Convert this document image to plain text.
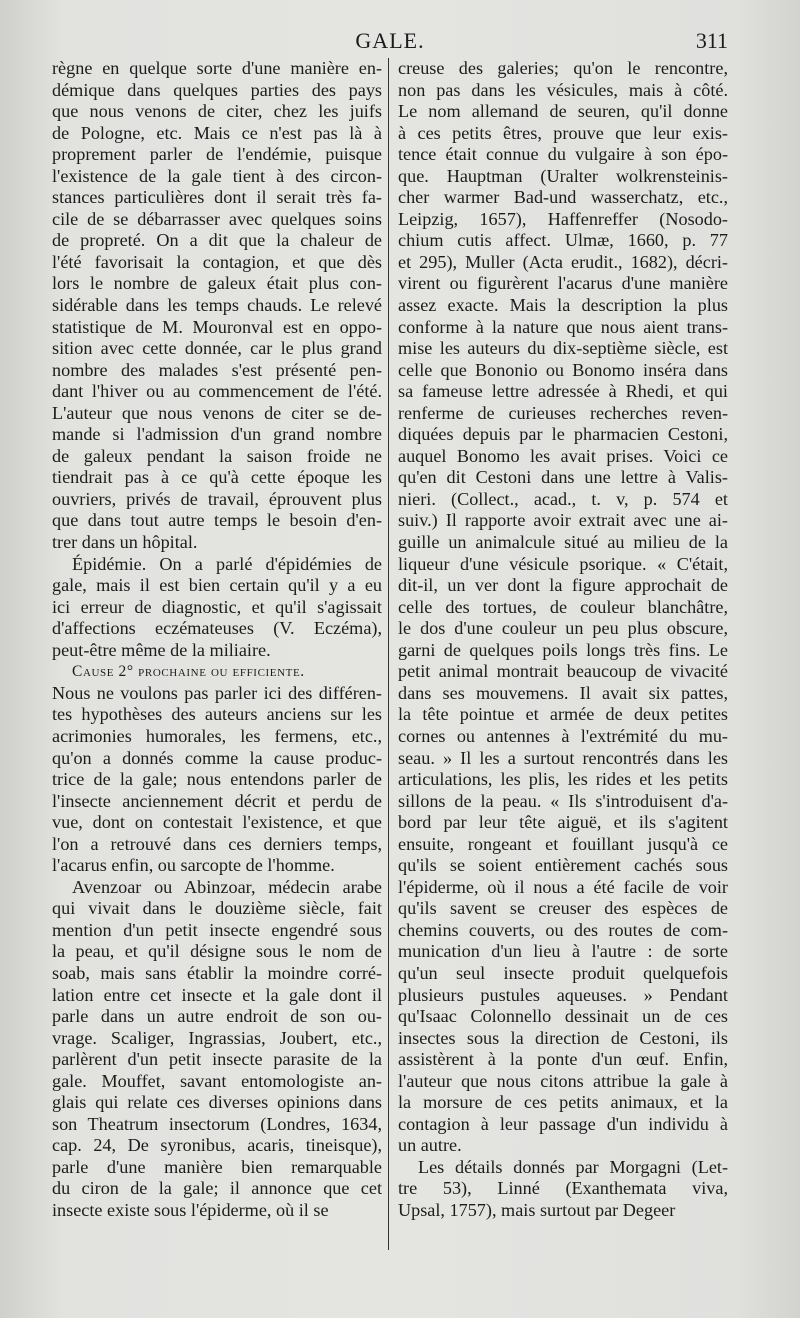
GALE.	311
règne en quelque sorte d'une manière en-
démique dans quelques parties des pays
que nous venons de citer, chez les juifs
de Pologne, etc. Mais ce n'est pas là à
proprement parler de l'endémie, puisque
l'existence de la gale tient à des circon-
stances particulières dont il serait très fa-
cile de se débarrasser avec quelques soins
de propreté. On a dit que la chaleur de
l'été favorisait la contagion, et que dès
lors le nombre de galeux était plus con-
sidérable dans les temps chauds. Le relevé
statistique de M. Mouronval est en oppo-
sition avec cette donnée, car le plus grand
nombre des malades s'est présenté pen-
dant l'hiver ou au commencement de l'été.
L'auteur que nous venons de citer se de-
mande si l'admission d'un grand nombre
de galeux pendant la saison froide ne
tiendrait pas à ce qu'à cette époque les
ouvriers, privés de travail, éprouvent plus
que dans tout autre temps le besoin d'en-
trer dans un hôpital.
Épidémie. On a parlé d'épidémies de
gale, mais il est bien certain qu'il y a eu
ici erreur de diagnostic, et qu'il s'agissait
d'affections eczémateuses (V. Eczéma),
peut-être même de la miliaire.
Cause 2° prochaine ou efficiente.
Nous ne voulons pas parler ici des différen-
tes hypothèses des auteurs anciens sur les
acrimonies humorales, les fermens, etc.,
qu'on a donnés comme la cause produc-
trice de la gale; nous entendons parler de
l'insecte anciennement décrit et perdu de
vue, dont on contestait l'existence, et que
l'on a retrouvé dans ces derniers temps,
l'acarus enfin, ou sarcopte de l'homme.
Avenzoar ou Abinzoar, médecin arabe
qui vivait dans le douzième siècle, fait
mention d'un petit insecte engendré sous
la peau, et qu'il désigne sous le nom de
soab, mais sans établir la moindre corré-
lation entre cet insecte et la gale dont il
parle dans un autre endroit de son ou-
vrage. Scaliger, Ingrassias, Joubert, etc.,
parlèrent d'un petit insecte parasite de la
gale. Mouffet, savant entomologiste an-
glais qui relate ces diverses opinions dans
son Theatrum insectorum (Londres, 1634,
cap. 24, De syronibus, acaris, tineisque),
parle d'une manière bien remarquable
du ciron de la gale; il annonce que cet
insecte existe sous l'épiderme, où il se
creuse des galeries; qu'on le rencontre,
non pas dans les vésicules, mais à côté.
Le nom allemand de seuren, qu'il donne
à ces petits êtres, prouve que leur exis-
tence était connue du vulgaire à son épo-
que. Hauptman (Uralter wolkrensteinis-
cher warmer Bad-und wasserchatz, etc.,
Leipzig, 1657), Haffenreffer (Nosodo-
chium cutis affect. Ulmæ, 1660, p. 77
et 295), Muller (Acta erudit., 1682), décri-
virent ou figurèrent l'acarus d'une manière
assez exacte. Mais la description la plus
conforme à la nature que nous aient trans-
mise les auteurs du dix-septième siècle, est
celle que Bononio ou Bonomo inséra dans
sa fameuse lettre adressée à Rhedi, et qui
renferme de curieuses recherches reven-
diquées depuis par le pharmacien Cestoni,
auquel Bonomo les avait prises. Voici ce
qu'en dit Cestoni dans une lettre à Valis-
nieri. (Collect., acad., t. v, p. 574 et
suiv.) Il rapporte avoir extrait avec une ai-
guille un animalcule situé au milieu de la
liqueur d'une vésicule psorique. « C'était,
dit-il, un ver dont la figure approchait de
celle des tortues, de couleur blanchâtre,
le dos d'une couleur un peu plus obscure,
garni de quelques poils longs très fins. Le
petit animal montrait beaucoup de vivacité
dans ses mouvemens. Il avait six pattes,
la tête pointue et armée de deux petites
cornes ou antennes à l'extrémité du mu-
seau. » Il les a surtout rencontrés dans les
articulations, les plis, les rides et les petits
sillons de la peau. « Ils s'introduisent d'a-
bord par leur tête aiguë, et ils s'agitent
ensuite, rongeant et fouillant jusqu'à ce
qu'ils se soient entièrement cachés sous
l'épiderme, où il nous a été facile de voir
qu'ils savent se creuser des espèces de
chemins couverts, ou des routes de com-
munication d'un lieu à l'autre : de sorte
qu'un seul insecte produit quelquefois
plusieurs pustules aqueuses. » Pendant
qu'Isaac Colonnello dessinait un de ces
insectes sous la direction de Cestoni, ils
assistèrent à la ponte d'un œuf. Enfin,
l'auteur que nous citons attribue la gale à
la morsure de ces petits animaux, et la
contagion à leur passage d'un individu à
un autre.
Les détails donnés par Morgagni (Let-
tre 53), Linné (Exanthemata viva,
Upsal, 1757), mais surtout par Degeer
